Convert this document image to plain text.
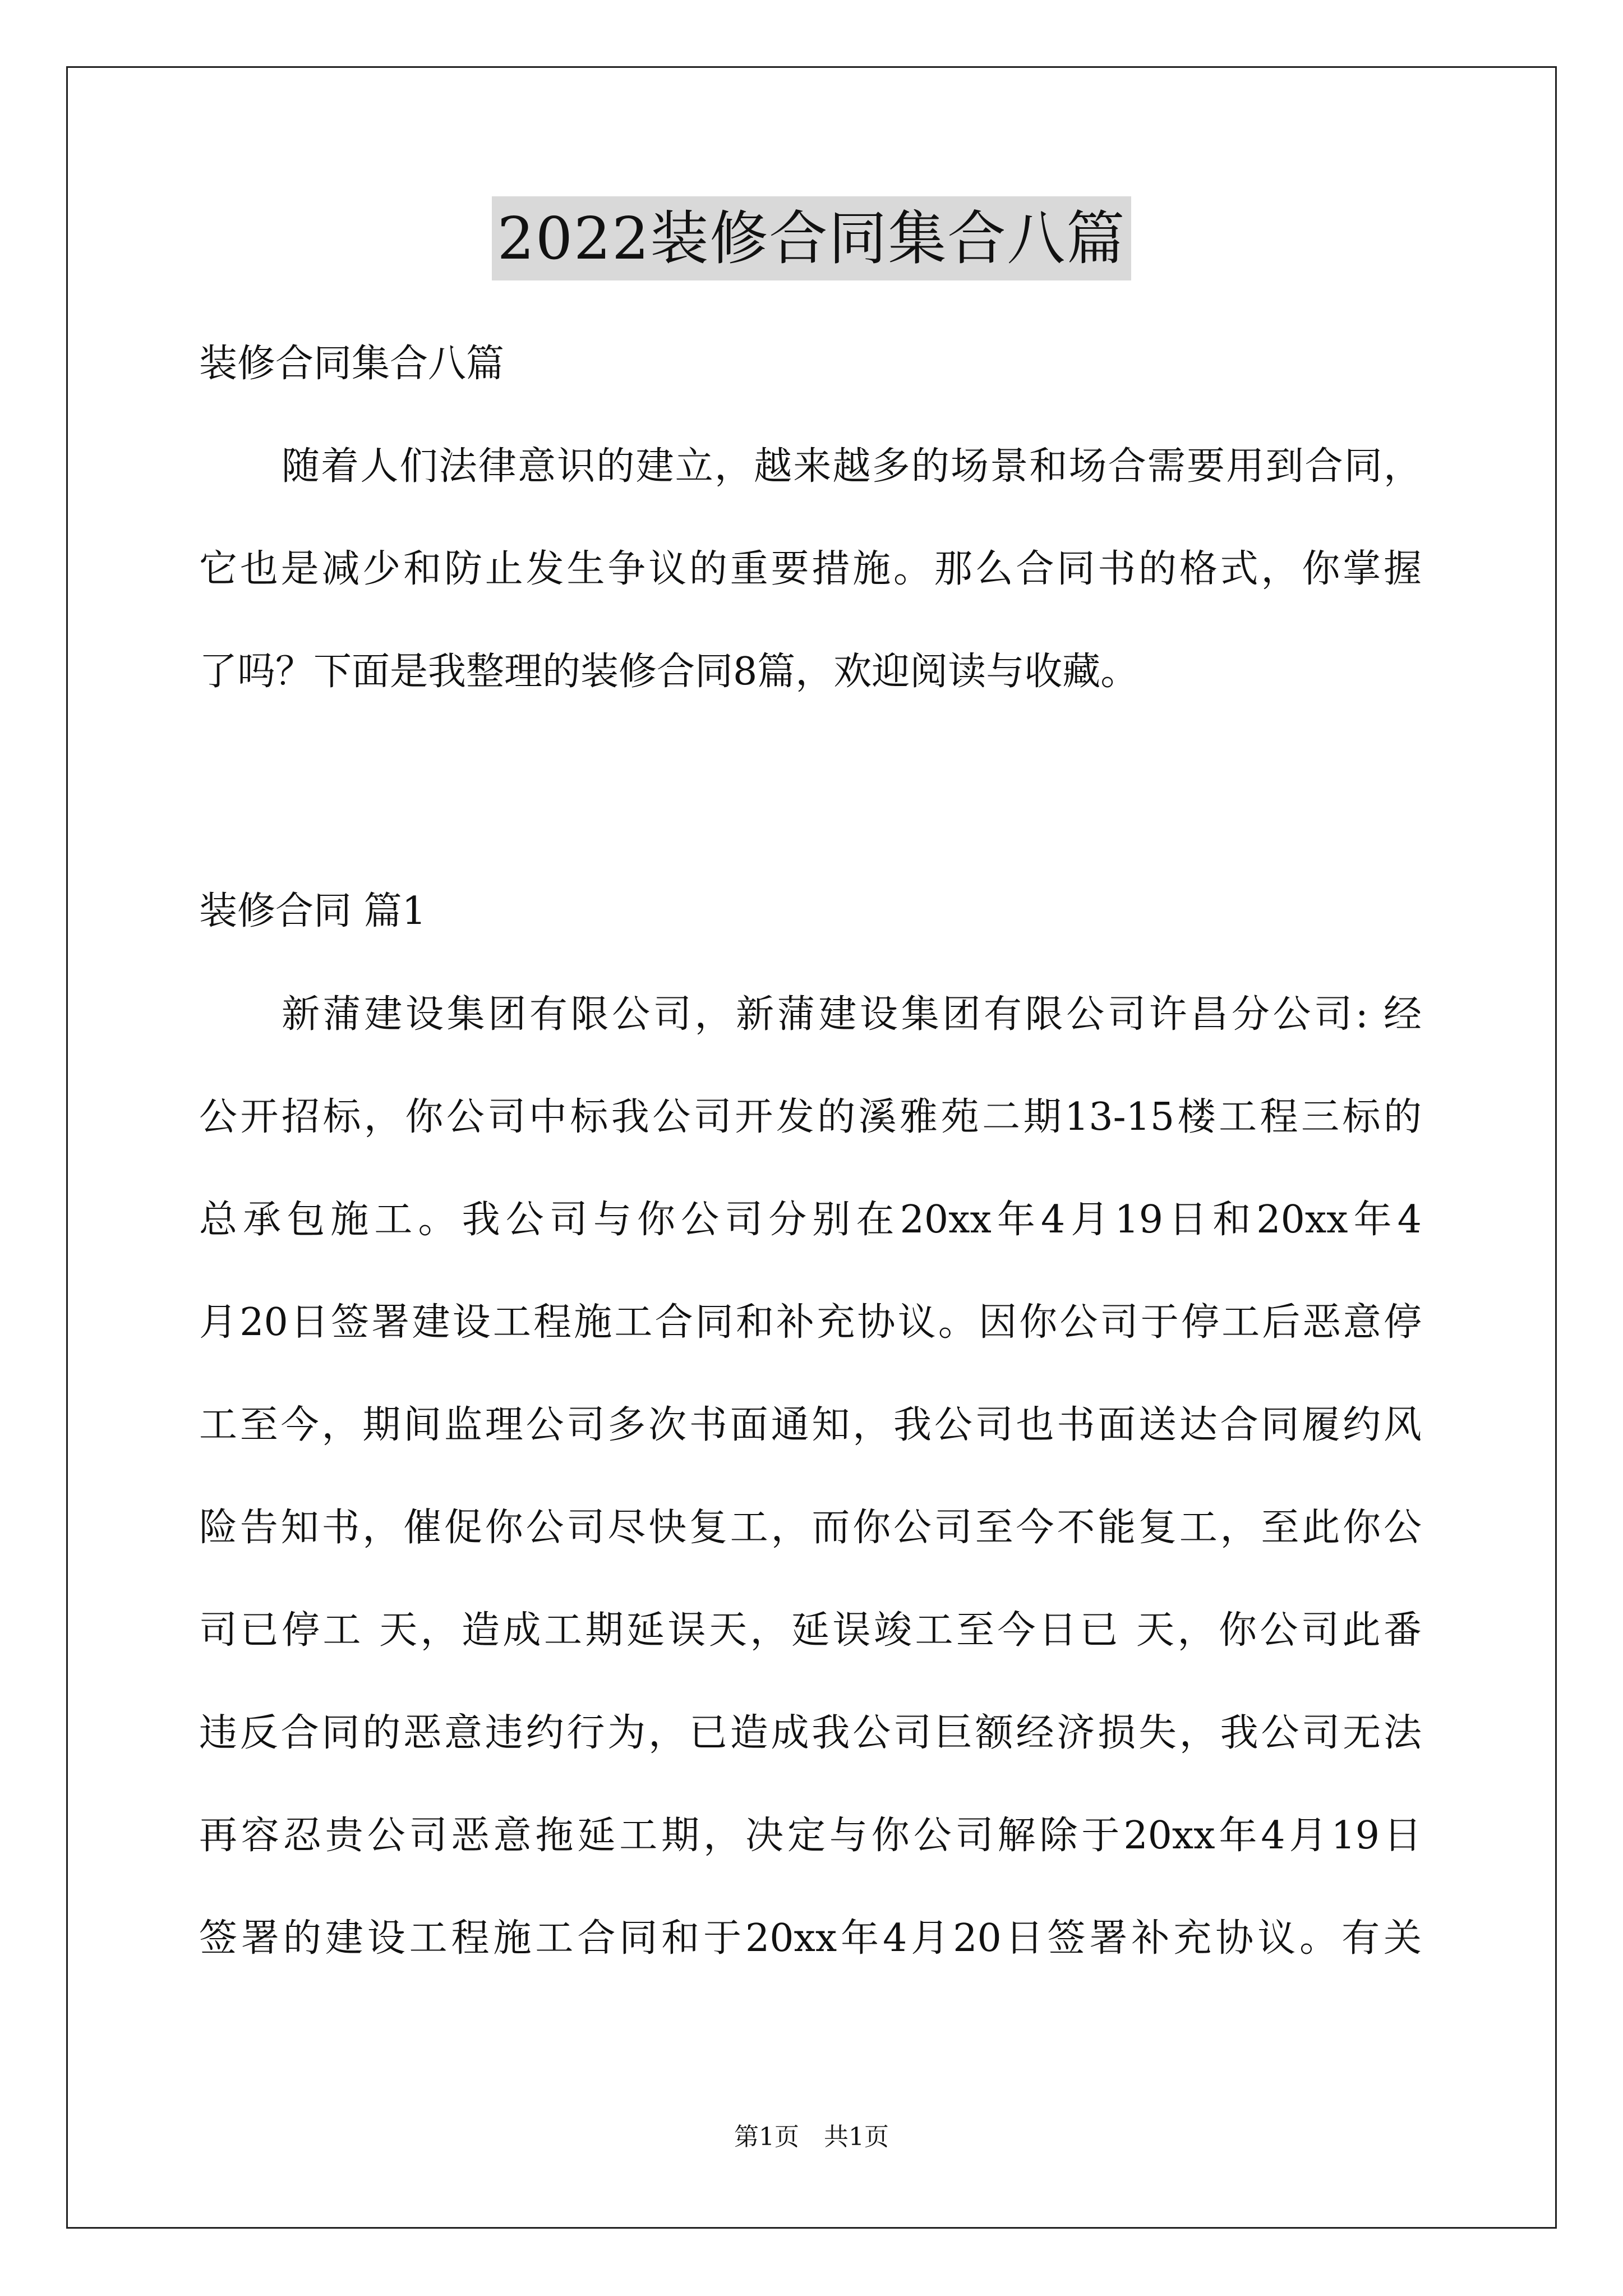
2022装修合同集合八篇
装修合同集合八篇
随着人们法律意识的建立，越来越多的场景和场合需要用到合同，
它也是减少和防止发生争议的重要措施。那么合同书的格式，你掌握
了吗？下面是我整理的装修合同8篇，欢迎阅读与收藏。
装修合同 篇1
新蒲建设集团有限公司，新蒲建设集团有限公司许昌分公司: 经
公开招标，你公司中标我公司开发的溪雅苑二期13-15楼工程三标的
总承包施工。我公司与你公司分别在20xx年4月19日和20xx年4
月20日签署建设工程施工合同和补充协议。因你公司于停工后恶意停
工至今，期间监理公司多次书面通知，我公司也书面送达合同履约风
险告知书，催促你公司尽快复工，而你公司至今不能复工，至此你公
司已停工 天，造成工期延误天，延误竣工至今日已 天，你公司此番
违反合同的恶意违约行为，已造成我公司巨额经济损失，我公司无法
再容忍贵公司恶意拖延工期，决定与你公司解除于20xx年4月19日
签署的建设工程施工合同和于20xx年4月20日签署补充协议。有关
第1页　共1页
